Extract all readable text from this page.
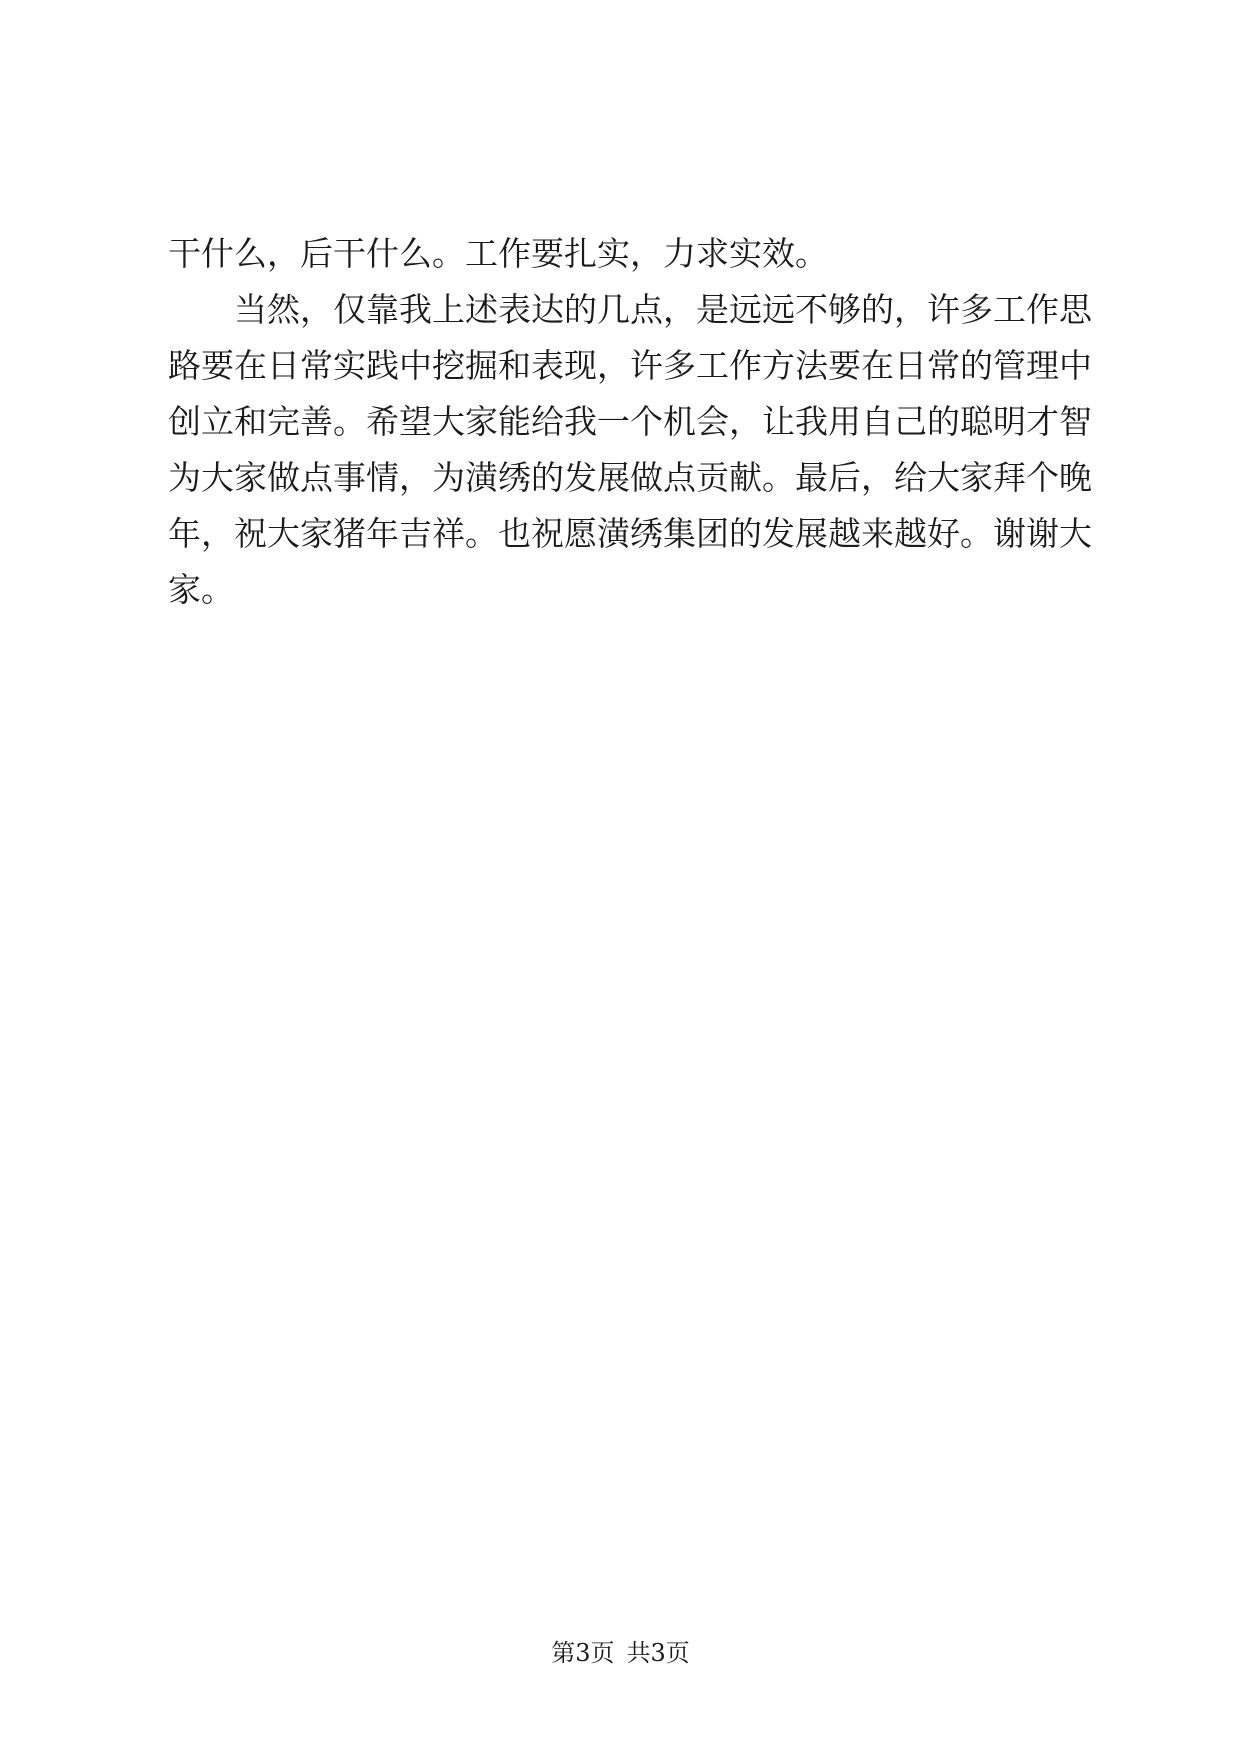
干什么，后干什么。工作要扎实，力求实效。
当然，仅靠我上述表达的几点，是远远不够的，许多工作思
路要在日常实践中挖掘和表现，许多工作方法要在日常的管理中
创立和完善。希望大家能给我一个机会，让我用自己的聪明才智
为大家做点事情，为潢绣的发展做点贡献。最后，给大家拜个晚
年，祝大家猪年吉祥。也祝愿潢绣集团的发展越来越好。谢谢大
家。
第3页 共3页
